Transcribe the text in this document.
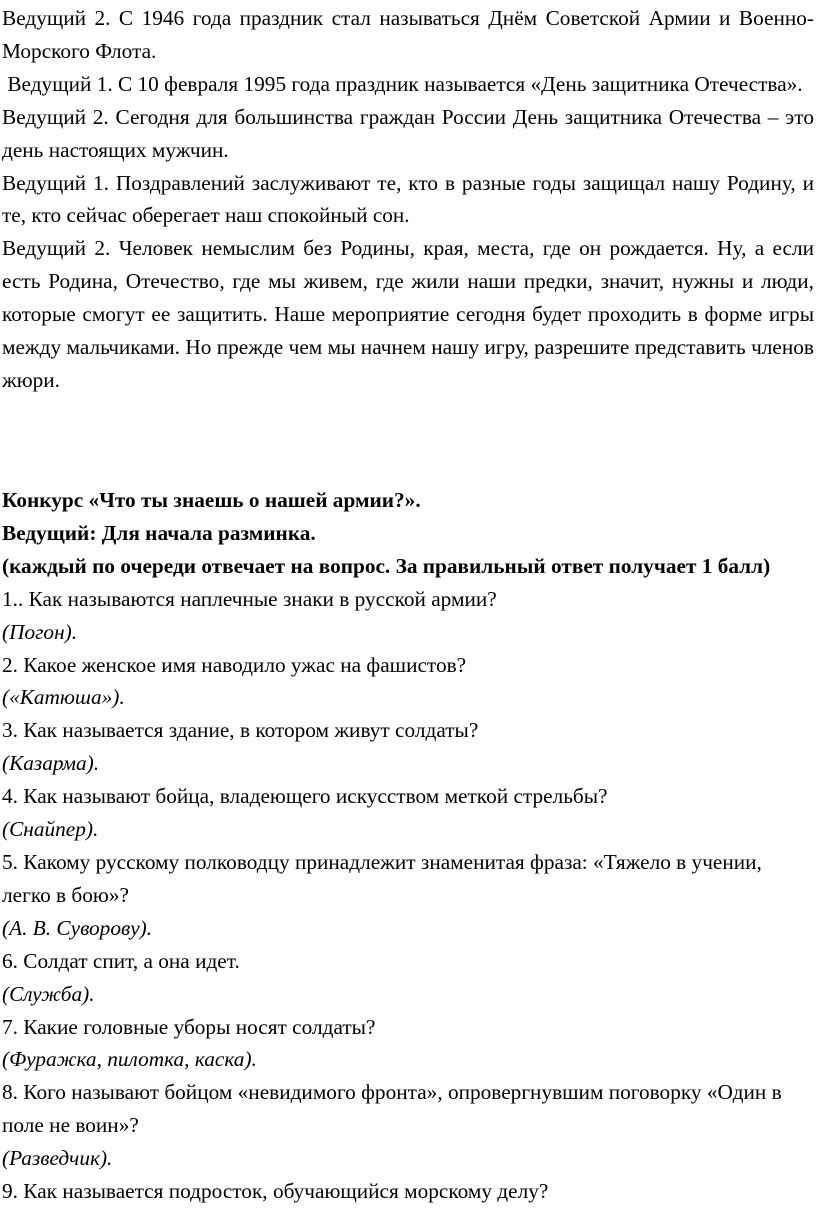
Ведущий 2. С 1946 года праздник стал называться Днём Советской Армии и Военно-Морского Флота.

Ведущий 1. С 10 февраля 1995 года праздник называется «День защитника Отечества».

Ведущий 2. Сегодня для большинства граждан России День защитника Отечества – это день настоящих мужчин.

Ведущий 1. Поздравлений заслуживают те, кто в разные годы защищал нашу Родину, и те, кто сейчас оберегает наш спокойный сон.

Ведущий 2. Человек немыслим без Родины, края, места, где он рождается. Ну, а если есть Родина, Отечество, где мы живем, где жили наши предки, значит, нужны и люди, которые смогут ее защитить. Наше мероприятие сегодня будет проходить в форме игры между мальчиками. Но прежде чем мы начнем нашу игру, разрешите представить членов жюри.

Конкурс «Что ты знаешь о нашей армии?».

Ведущий: Для начала разминка.

(каждый по очереди отвечает на вопрос. За правильный ответ получает 1 балл)

1.. Как называются наплечные знаки в русской армии?

(Погон).

2. Какое женское имя наводило ужас на фашистов?

(«Катюша»).

3. Как называется здание, в котором живут солдаты?

(Казарма).

4. Как называют бойца, владеющего искусством меткой стрельбы?

(Снайпер).

5. Какому русскому полководцу принадлежит знаменитая фраза: «Тяжело в учении, легко в бою»?

(А. В. Суворову).

6. Солдат спит, а она идет.

(Служба).

7. Какие головные уборы носят солдаты?

(Фуражка, пилотка, каска).

8. Кого называют бойцом «невидимого фронта», опровергнувшим поговорку «Один в поле не воин»?

(Разведчик).

9. Как называется подросток, обучающийся морскому делу?
